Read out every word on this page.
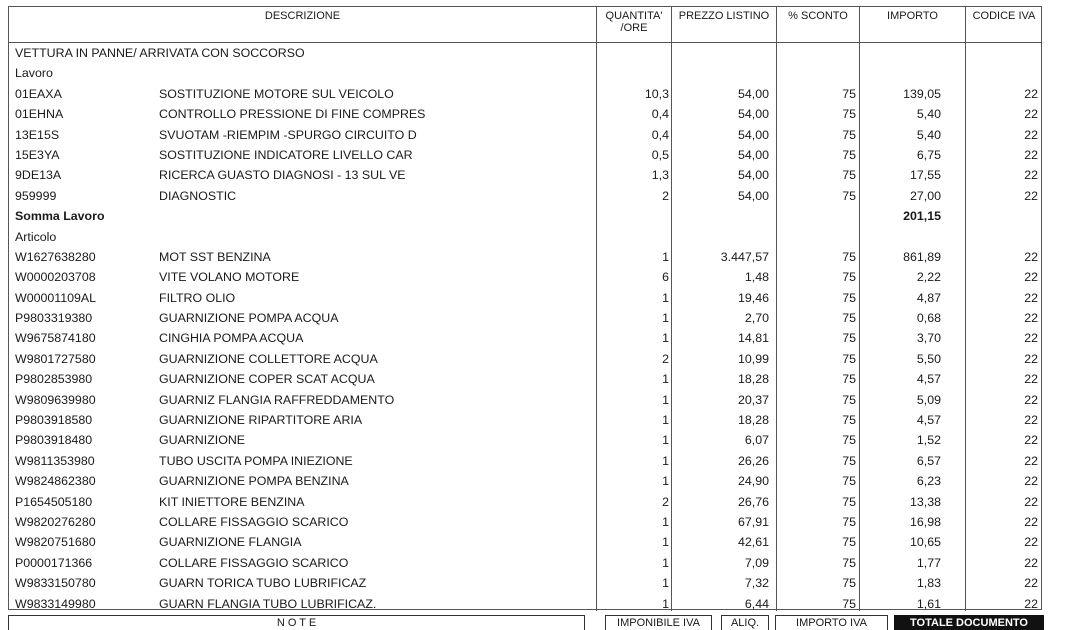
DESCRIZIONE	QUANTITA'
/ORE
PREZZO LISTINO	% SCONTO	IMPORTO	CODICE IVA
VETTURA IN PANNE/ ARRIVATA CON SOCCORSO
Lavoro
01EAXA	SOSTITUZIONE MOTORE SUL VEICOLO	10,3	54,00	75	139,05	22
01EHNA	CONTROLLO PRESSIONE DI FINE COMPRES	0,4	54,00	75	5,40	22
13E15S	SVUOTAM -RIEMPIM -SPURGO CIRCUITO D	0,4	54,00	75	5,40	22
15E3YA	SOSTITUZIONE INDICATORE LIVELLO CAR	0,5	54,00	75	6,75	22
9DE13A	RICERCA GUASTO DIAGNOSI - 13 SUL VE	1,3	54,00	75	17,55	22
959999	DIAGNOSTIC	2	54,00	75	27,00	22
Somma Lavoro	201,15
Articolo
W1627638280	MOT SST BENZINA	1	3.447,57	75	861,89	22
W0000203708	VITE VOLANO MOTORE	6	1,48	75	2,22	22
W00001109AL	FILTRO OLIO	1	19,46	75	4,87	22
P9803319380	GUARNIZIONE POMPA ACQUA	1	2,70	75	0,68	22
W9675874180	CINGHIA POMPA ACQUA	1	14,81	75	3,70	22
W9801727580	GUARNIZIONE COLLETTORE ACQUA	2	10,99	75	5,50	22
P9802853980	GUARNIZIONE COPER SCAT ACQUA	1	18,28	75	4,57	22
W9809639980	GUARNIZ FLANGIA RAFFREDDAMENTO	1	20,37	75	5,09	22
P9803918580	GUARNIZIONE RIPARTITORE ARIA	1	18,28	75	4,57	22
P9803918480	GUARNIZIONE	1	6,07	75	1,52	22
W9811353980	TUBO USCITA POMPA INIEZIONE	1	26,26	75	6,57	22
W9824862380	GUARNIZIONE POMPA BENZINA	1	24,90	75	6,23	22
P1654505180	KIT INIETTORE BENZINA	2	26,76	75	13,38	22
W9820276280	COLLARE FISSAGGIO SCARICO	1	67,91	75	16,98	22
W9820751680	GUARNIZIONE FLANGIA	1	42,61	75	10,65	22
P0000171366	COLLARE FISSAGGIO SCARICO	1	7,09	75	1,77	22
W9833150780	GUARN TORICA TUBO LUBRIFICAZ	1	7,32	75	1,83	22
W9833149980	GUARN FLANGIA TUBO LUBRIFICAZ.	1	6,44	75	1,61	22
N O T E	IMPONIBILE IVA	ALIQ.	IMPORTO IVA	TOTALE DOCUMENTO
